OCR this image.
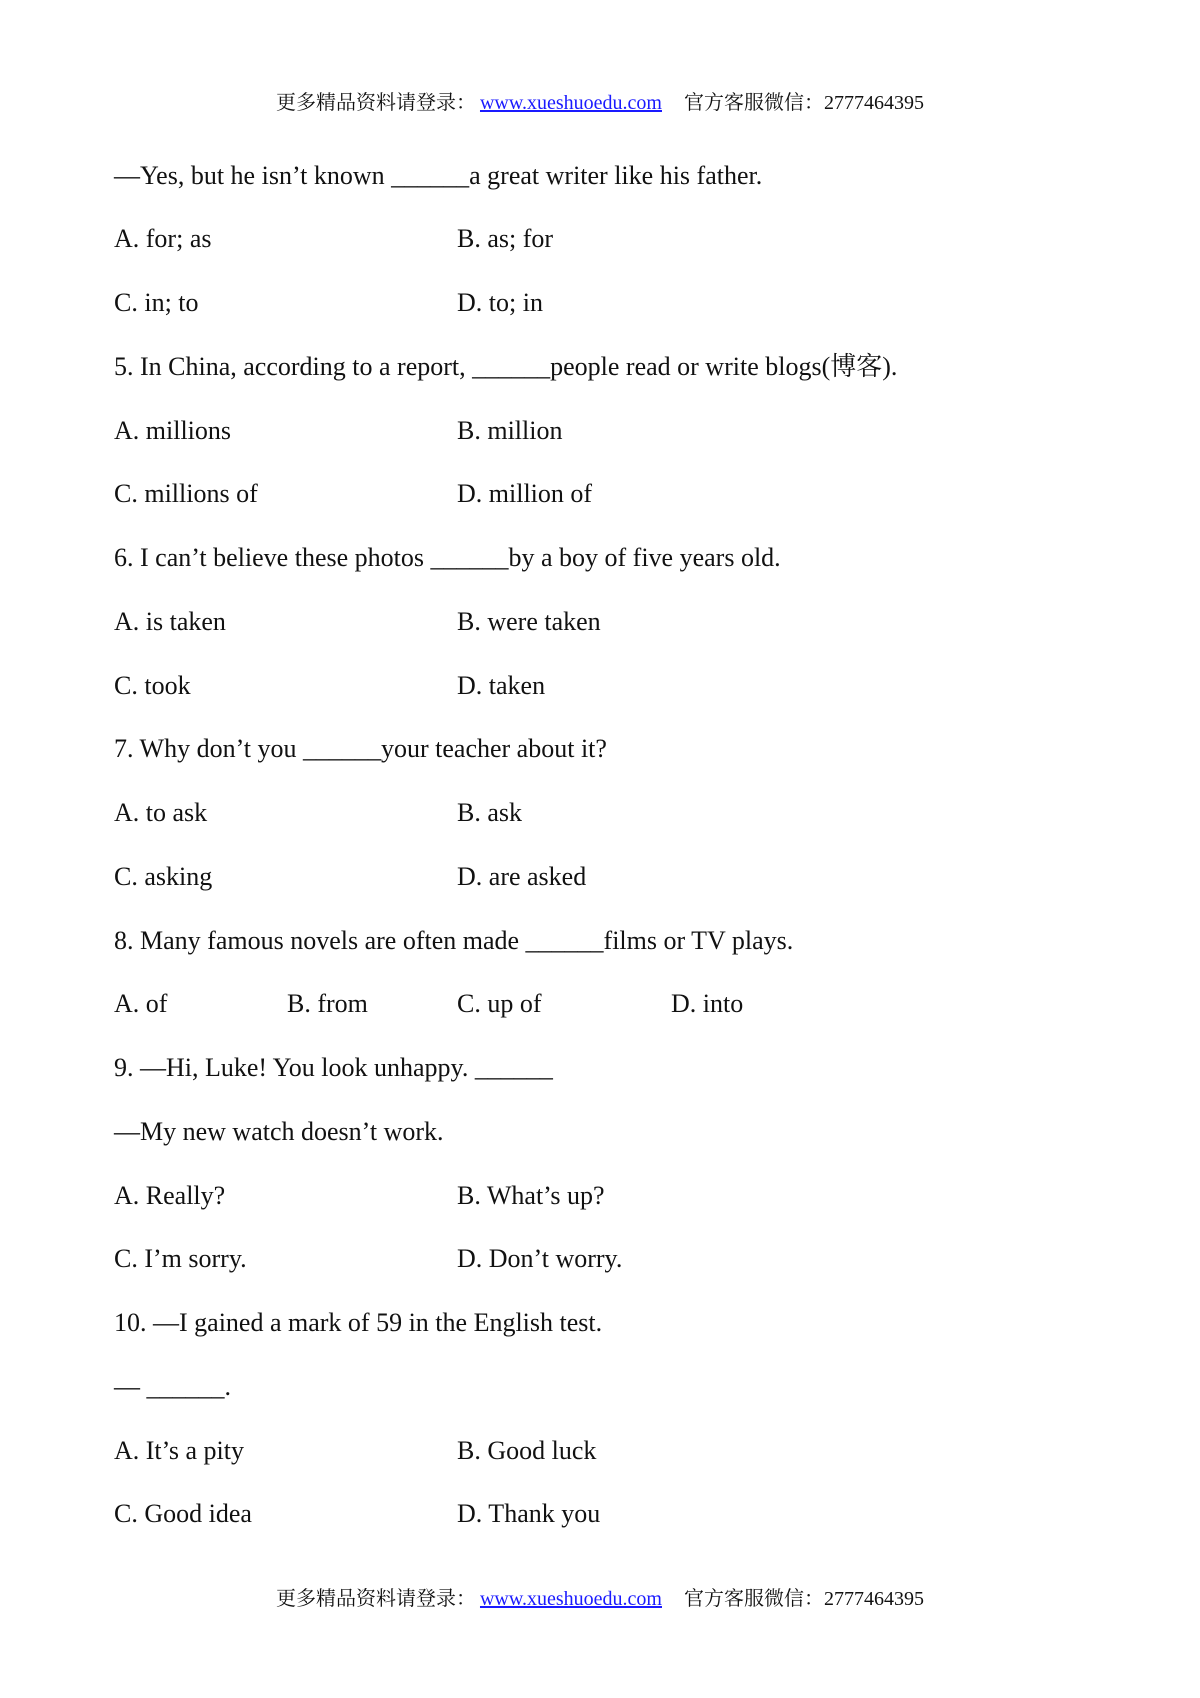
更多精品资料请登录： www.xueshuoedu.com 官方客服微信：2777464395
—Yes, but he isn’t known ______a great writer like his father.
A. for; as	B. as; for
C. in; to	D. to; in
5. In China, according to a report, ______people read or write blogs(博客).
A. millions	B. million
C. millions of	D. million of
6. I can’t believe these photos ______by a boy of five years old.
A. is taken	B. were taken
C. took	D. taken
7. Why don’t you ______your teacher about it?
A. to ask	B. ask
C. asking	D. are asked
8. Many famous novels are often made ______films or TV plays.
A. of	B. from	C. up of	D. into
9. —Hi, Luke! You look unhappy. ______
—My new watch doesn’t work.
A. Really?	B. What’s up?
C. I’m sorry.	D. Don’t worry.
10. —I gained a mark of 59 in the English test.
— ______.
A. It’s a pity	B. Good luck
C. Good idea	D. Thank you
更多精品资料请登录： www.xueshuoedu.com 官方客服微信：2777464395
